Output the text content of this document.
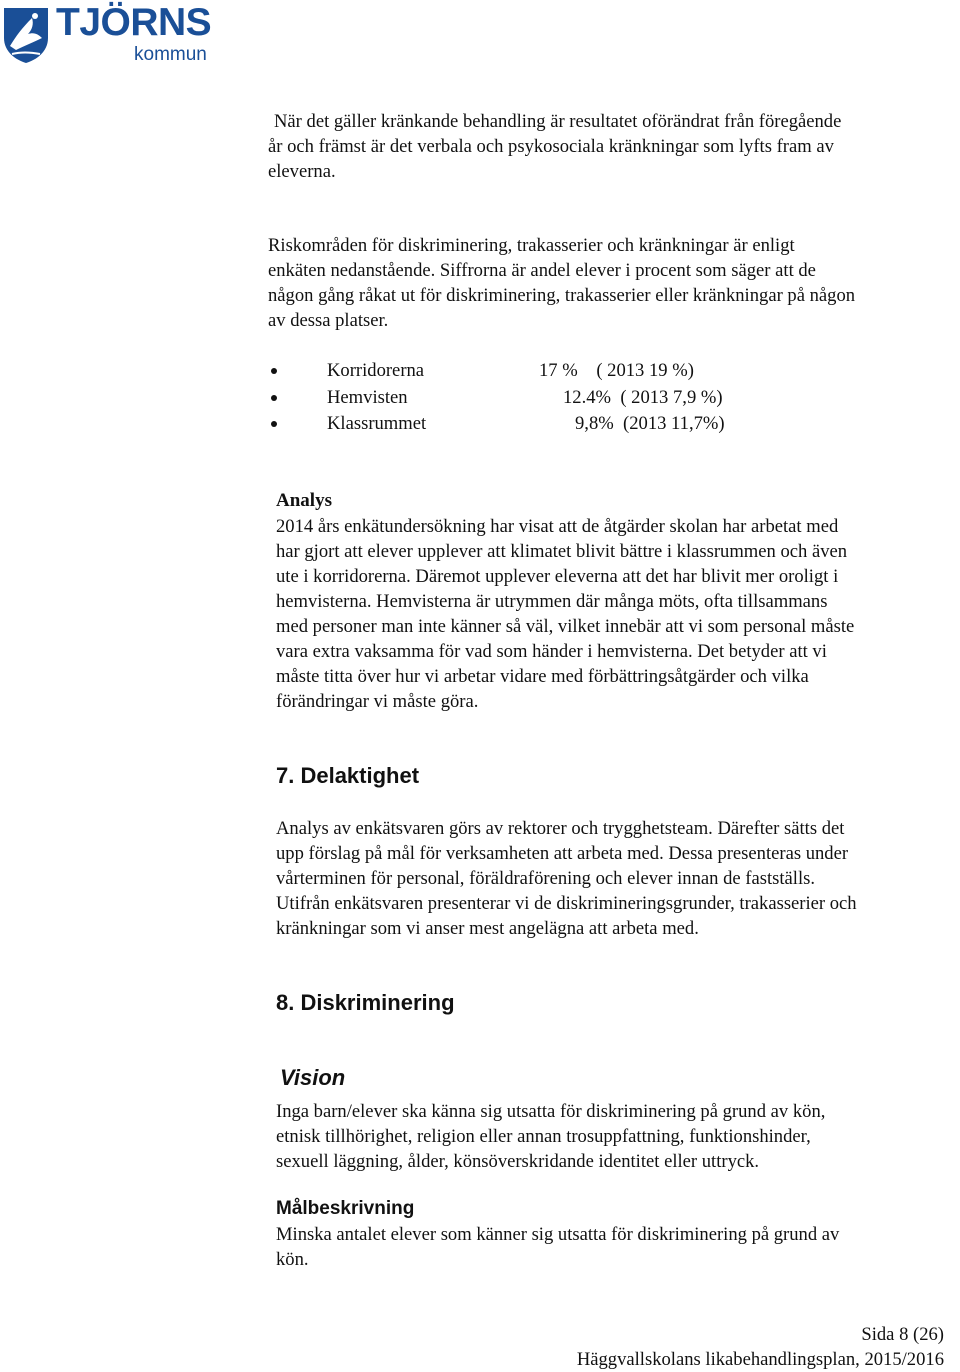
TJÖRNS
kommun
När det gäller kränkande behandling är resultatet oförändrat från föregående
år och främst är det verbala och psykosociala kränkningar som lyfts fram av
eleverna.
Riskområden för diskriminering, trakasserier och kränkningar är enligt
enkäten nedanstående. Siffrorna är andel elever i procent som säger att de
någon gång råkat ut för diskriminering, trakasserier eller kränkningar på någon
av dessa platser.
Korridorerna	17 %    ( 2013 19 %)
Hemvisten	12.4%  ( 2013 7,9 %)
Klassrummet	9,8%  (2013 11,7%)
Analys
2014 års enkätundersökning har visat att de åtgärder skolan har arbetat med
har gjort att elever upplever att klimatet blivit bättre i klassrummen och även
ute i korridorerna. Däremot upplever eleverna att det har blivit mer oroligt i
hemvisterna. Hemvisterna är utrymmen där många möts, ofta tillsammans
med personer man inte känner så väl, vilket innebär att vi som personal måste
vara extra vaksamma för vad som händer i hemvisterna. Det betyder att vi
måste titta över hur vi arbetar vidare med förbättringsåtgärder och vilka
förändringar vi måste göra.
7. Delaktighet
Analys av enkätsvaren görs av rektorer och trygghetsteam. Därefter sätts det
upp förslag på mål för verksamheten att arbeta med. Dessa presenteras under
vårterminen för personal, föräldraförening och elever innan de fastställs.
Utifrån enkätsvaren presenterar vi de diskrimineringsgrunder, trakasserier och
kränkningar som vi anser mest angelägna att arbeta med.
8. Diskriminering
Vision
Inga barn/elever ska känna sig utsatta för diskriminering på grund av kön,
etnisk tillhörighet, religion eller annan trosuppfattning, funktionshinder,
sexuell läggning, ålder, könsöverskridande identitet eller uttryck.
Målbeskrivning
Minska antalet elever som känner sig utsatta för diskriminering på grund av
kön.
Sida 8 (26)
Häggvallskolans likabehandlingsplan, 2015/2016
